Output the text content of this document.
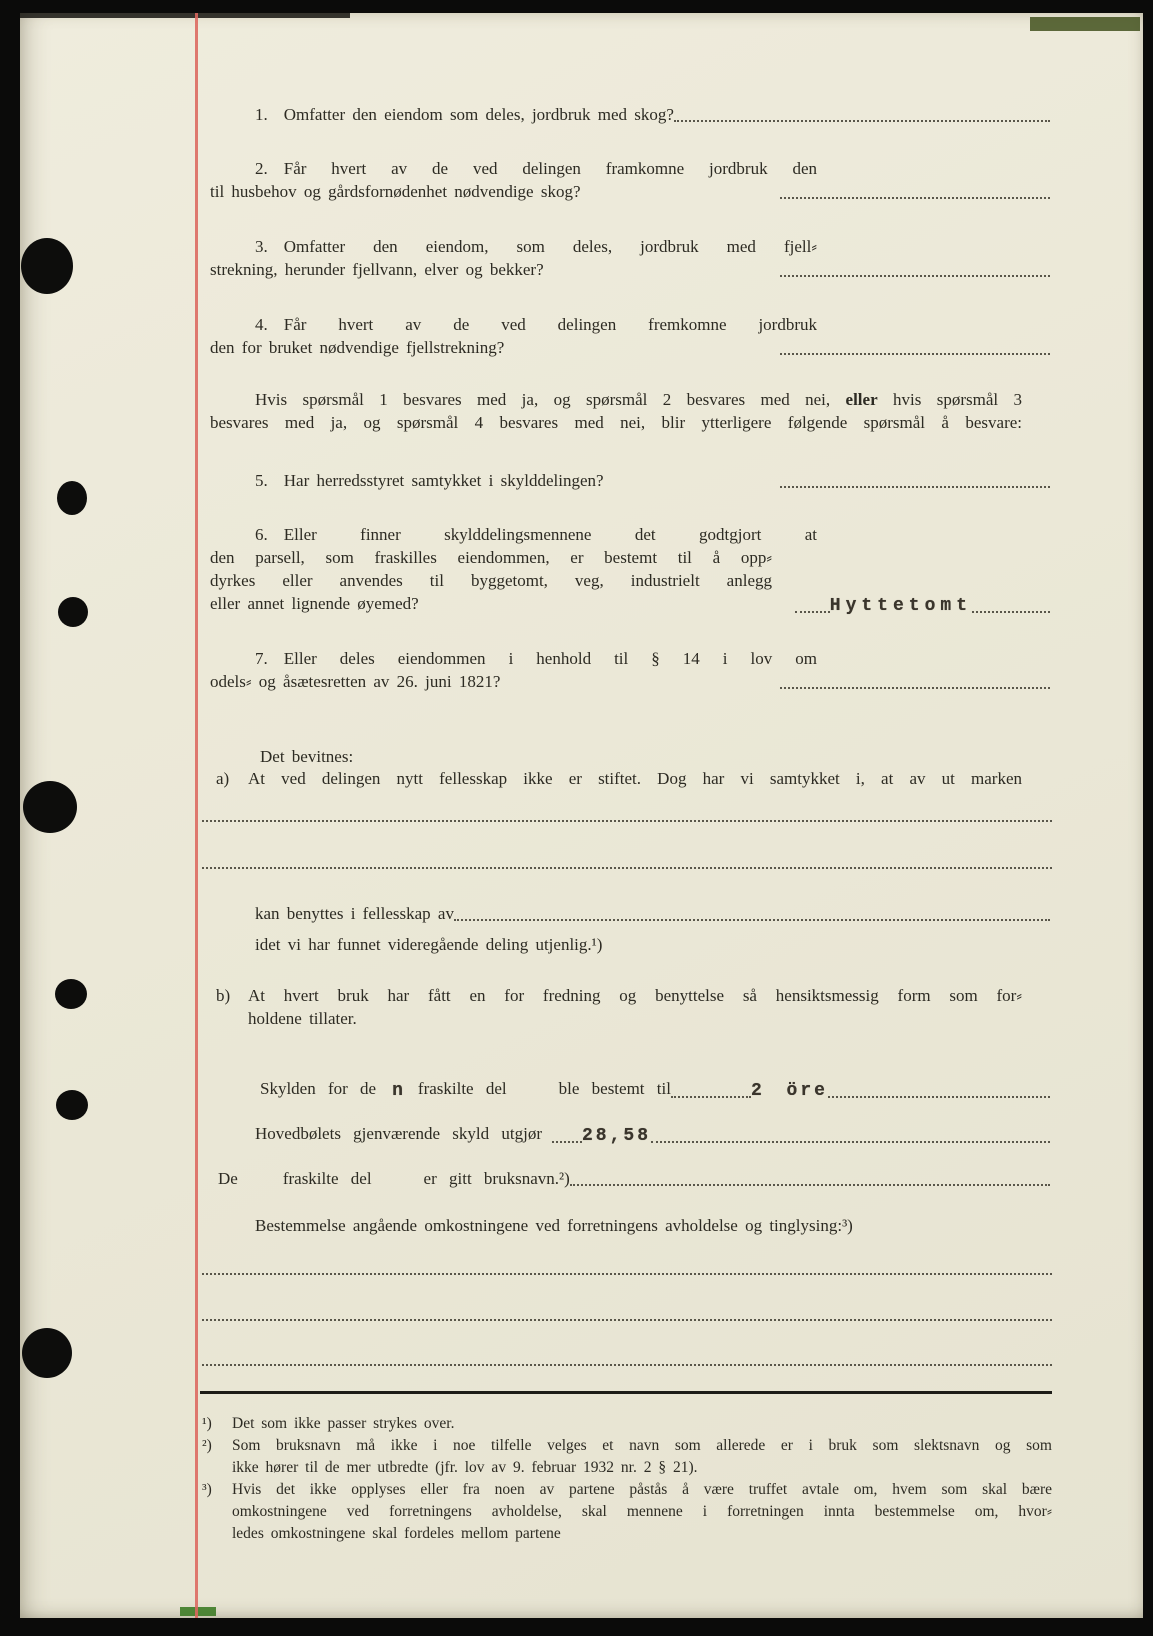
1. Omfatter den eiendom som deles, jordbruk med skog?
2. Får hvert av de ved delingen framkomne jordbruk den
til husbehov og gårdsfornødenhet nødvendige skog?
3. Omfatter den eiendom, som deles, jordbruk med fjell⸗
strekning, herunder fjellvann, elver og bekker?
4. Får hvert av de ved delingen fremkomne jordbruk
den for bruket nødvendige fjellstrekning?
Hvis spørsmål 1 besvares med ja, og spørsmål 2 besvares med nei, eller hvis spørsmål 3
besvares med ja, og spørsmål 4 besvares med nei, blir ytterligere følgende spørsmål å besvare:
5. Har herredsstyret samtykket i skylddelingen?
6. Eller finner skylddelingsmennene det godtgjort at
den parsell, som fraskilles eiendommen, er bestemt til å opp⸗
dyrkes eller anvendes til byggetomt, veg, industrielt anlegg
eller annet lignende øyemed?	Hyttetomt
7. Eller deles eiendommen i henhold til § 14 i lov om
odels⸗ og åsætesretten av 26. juni 1821?
Det bevitnes:
a)	At ved delingen nytt fellesskap ikke er stiftet. Dog har vi samtykket i, at av ut marken
kan benyttes i fellesskap av
idet vi har funnet videregående deling utjenlig.¹)
b)	At hvert bruk har fått en for fredning og benyttelse så hensiktsmessig form som for⸗
holdene tillater.
Skylden for de n fraskilte del	ble bestemt til	2 öre
Hovedbølets gjenværende skyld utgjør 28,58
De	fraskilte del	er gitt bruksnavn.²)
Bestemmelse angående omkostningene ved forretningens avholdelse og tinglysing:³)
¹)	Det som ikke passer strykes over.
²)	Som bruksnavn må ikke i noe tilfelle velges et navn som allerede er i bruk som slektsnavn og som
ikke hører til de mer utbredte (jfr. lov av 9. februar 1932 nr. 2 § 21).
³)	Hvis det ikke opplyses eller fra noen av partene påstås å være truffet avtale om, hvem som skal bære
omkostningene ved forretningens avholdelse, skal mennene i forretningen innta bestemmelse om, hvor⸗
ledes omkostningene skal fordeles mellom partene
